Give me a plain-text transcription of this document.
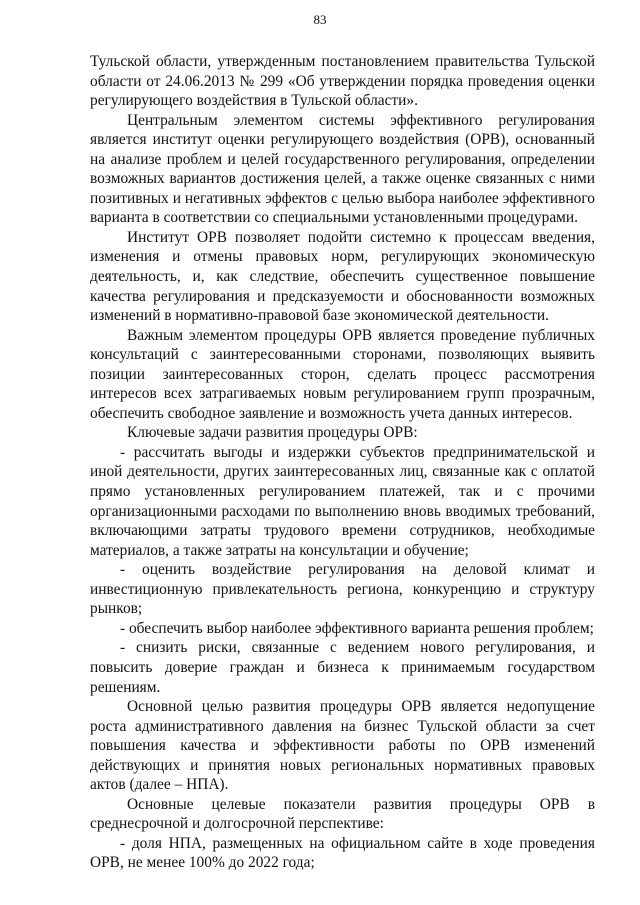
83

Тульской области, утвержденным постановлением правительства Тульской области от 24.06.2013 № 299 «Об утверждении порядка проведения оценки регулирующего воздействия в Тульской области».

Центральным элементом системы эффективного регулирования является институт оценки регулирующего воздействия (ОРВ), основанный на анализе проблем и целей государственного регулирования, определении возможных вариантов достижения целей, а также оценке связанных с ними позитивных и негативных эффектов с целью выбора наиболее эффективного варианта в соответствии со специальными установленными процедурами.

Институт ОРВ позволяет подойти системно к процессам введения, изменения и отмены правовых норм, регулирующих экономическую деятельность, и, как следствие, обеспечить существенное повышение качества регулирования и предсказуемости и обоснованности возможных изменений в нормативно-правовой базе экономической деятельности.

Важным элементом процедуры ОРВ является проведение публичных консультаций с заинтересованными сторонами, позволяющих выявить позиции заинтересованных сторон, сделать процесс рассмотрения интересов всех затрагиваемых новым регулированием групп прозрачным, обеспечить свободное заявление и возможность учета данных интересов.

Ключевые задачи развития процедуры ОРВ:

- рассчитать выгоды и издержки субъектов предпринимательской и иной деятельности, других заинтересованных лиц, связанные как с оплатой прямо установленных регулированием платежей, так и с прочими организационными расходами по выполнению вновь вводимых требований, включающими затраты трудового времени сотрудников, необходимые материалов, а также затраты на консультации и обучение;

- оценить воздействие регулирования на деловой климат и инвестиционную привлекательность региона, конкуренцию и структуру рынков;

- обеспечить выбор наиболее эффективного варианта решения проблем;

- снизить риски, связанные с ведением нового регулирования, и повысить доверие граждан и бизнеса к принимаемым государством решениям.

Основной целью развития процедуры ОРВ является недопущение роста административного давления на бизнес Тульской области за счет повышения качества и эффективности работы по ОРВ изменений действующих и принятия новых региональных нормативных правовых актов (далее – НПА).

Основные целевые показатели развития процедуры ОРВ в среднесрочной и долгосрочной перспективе:

- доля НПА, размещенных на официальном сайте в ходе проведения ОРВ, не менее 100% до 2022 года;
